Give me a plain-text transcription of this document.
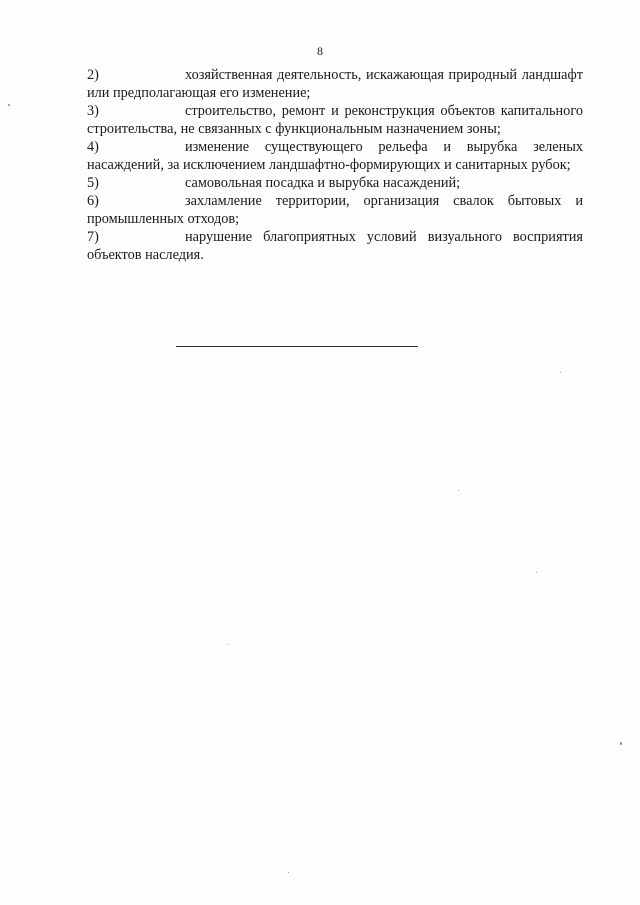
8

2)	хозяйственная деятельность, искажающая природный ландшафт или предполагающая его изменение;

3)	строительство, ремонт и реконструкция объектов капитального строительства, не связанных с функциональным назначением зоны;

4)	изменение существующего рельефа и вырубка зеленых насаждений, за исключением ландшафтно-формирующих и санитарных рубок;

5)	самовольная посадка и вырубка насаждений;

6)	захламление территории, организация свалок бытовых и промышленных отходов;

7)	нарушение благоприятных условий визуального восприятия объектов наследия.
